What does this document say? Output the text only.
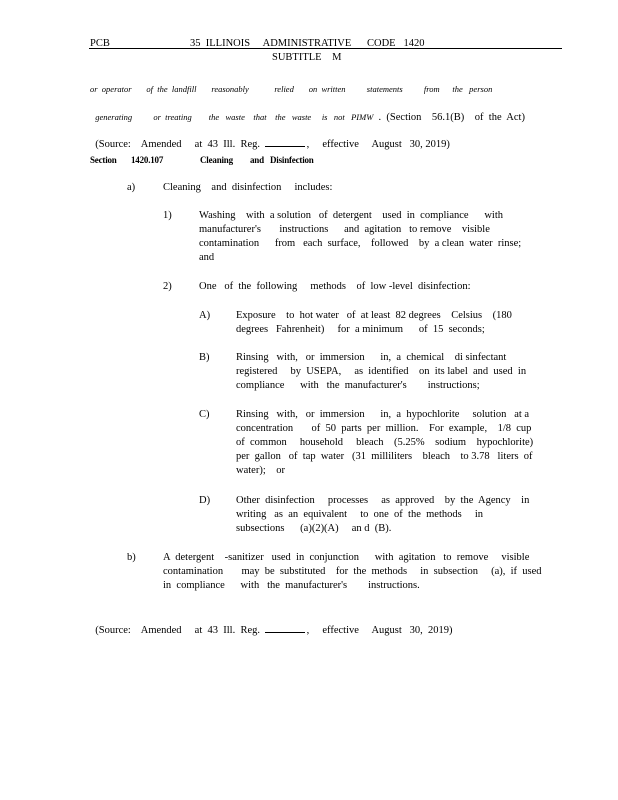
PCB	35  ILLINOIS     ADMINISTRATIVE CODE   1420
SUBTITLE    M
or  operator       of  the  landfill       reasonably            relied       on  written          statements          from      the   person

generating          or  treating        the   waste    that    the   waste     is   not   PIMW  .  (Section    56.1(B)    of  the  Act)

(Source:    Amended     at  43  Ill.  Reg.	,     effective     August   30, 2019)

Section 1420.107	Cleaning and Disinfection
a)	Cleaning    and  disinfection     includes:
1)	Washing    with  a solution   of  detergent    used  in  compliance      with
manufacturer's       instructions      and  agitation   to remove    visible
contamination      from   each  surface,    followed    by  a clean  water  rinse;
and
2)	One   of  the  following     methods    of  low -level  disinfection:
A) Exposure    to  hot water   of  at least  82 degrees    Celsius    (180
degrees   Fahrenheit)     for  a minimum      of  15  seconds;
B)	Rinsing   with,   or  immersion      in,  a  chemical    di sinfectant
registered     by  USEPA,     as  identified    on  its label  and  used  in
compliance      with   the  manufacturer's        instructions;
C)	Rinsing   with,   or  immersion      in,  a  hypochlorite     solution   at a
concentration       of  50  parts  per  million.    For  example,    1/8  cup
of  common     household     bleach    (5.25%    sodium    hypochlorite)
per  gallon   of  tap  water   (31  milliliters    bleach    to 3.78   liters  of
water);    or
D) Other  disinfection     processes     as  approved    by  the  Agency    in
writing   as  an  equivalent     to  one  of  the  methods     in
subsections      (a)(2)(A)     an d  (B).
b)	A  detergent    -sanitizer   used  in  conjunction      with  agitation   to  remove     visible
contamination       may  be  substituted    for  the  methods     in  subsection     (a),  if  used
in  compliance      with   the  manufacturer's        instructions.

(Source:    Amended     at  43  Ill.  Reg.	,     effective     August   30,  2019)
